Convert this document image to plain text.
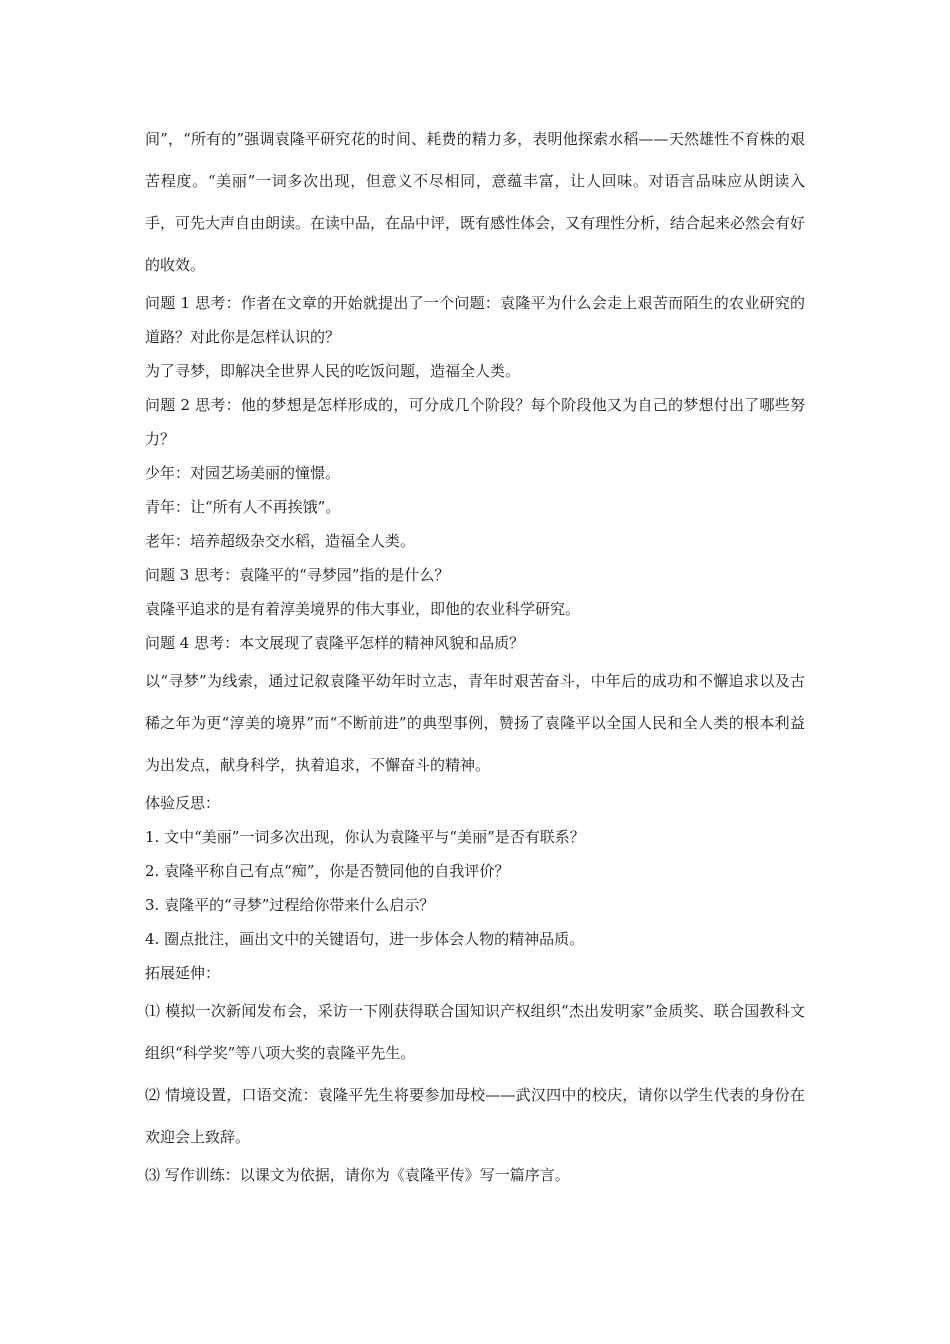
间”，“所有的”强调袁隆平研究花的时间、耗费的精力多，表明他探索水稻——天然雄性不育株的艰苦程度。“美丽”一词多次出现，但意义不尽相同，意蕴丰富，让人回味。对语言品味应从朗读入手，可先大声自由朗读。在读中品，在品中评，既有感性体会，又有理性分析，结合起来必然会有好的收效。

问题 1 思考：作者在文章的开始就提出了一个问题：袁隆平为什么会走上艰苦而陌生的农业研究的道路？对此你是怎样认识的？

为了寻梦，即解决全世界人民的吃饭问题，造福全人类。

问题 2 思考：他的梦想是怎样形成的，可分成几个阶段？每个阶段他又为自己的梦想付出了哪些努力？

少年：对园艺场美丽的憧憬。

青年：让“所有人不再挨饿”。

老年：培养超级杂交水稻，造福全人类。

问题 3 思考：袁隆平的“寻梦园”指的是什么？

袁隆平追求的是有着淳美境界的伟大事业，即他的农业科学研究。

问题 4 思考：本文展现了袁隆平怎样的精神风貌和品质？

以“寻梦”为线索，通过记叙袁隆平幼年时立志，青年时艰苦奋斗，中年后的成功和不懈追求以及古稀之年为更“淳美的境界”而“不断前进”的典型事例，赞扬了袁隆平以全国人民和全人类的根本利益为出发点，献身科学，执着追求，不懈奋斗的精神。

体验反思：

1. 文中“美丽”一词多次出现，你认为袁隆平与“美丽”是否有联系？

2. 袁隆平称自己有点“痴”，你是否赞同他的自我评价？

3. 袁隆平的“寻梦”过程给你带来什么启示？

4. 圈点批注，画出文中的关键语句，进一步体会人物的精神品质。

拓展延伸：

⑴ 模拟一次新闻发布会，采访一下刚获得联合国知识产权组织“杰出发明家”金质奖、联合国教科文组织“科学奖”等八项大奖的袁隆平先生。

⑵ 情境设置，口语交流：袁隆平先生将要参加母校——武汉四中的校庆，请你以学生代表的身份在欢迎会上致辞。

⑶ 写作训练：以课文为依据，请你为《袁隆平传》写一篇序言。
